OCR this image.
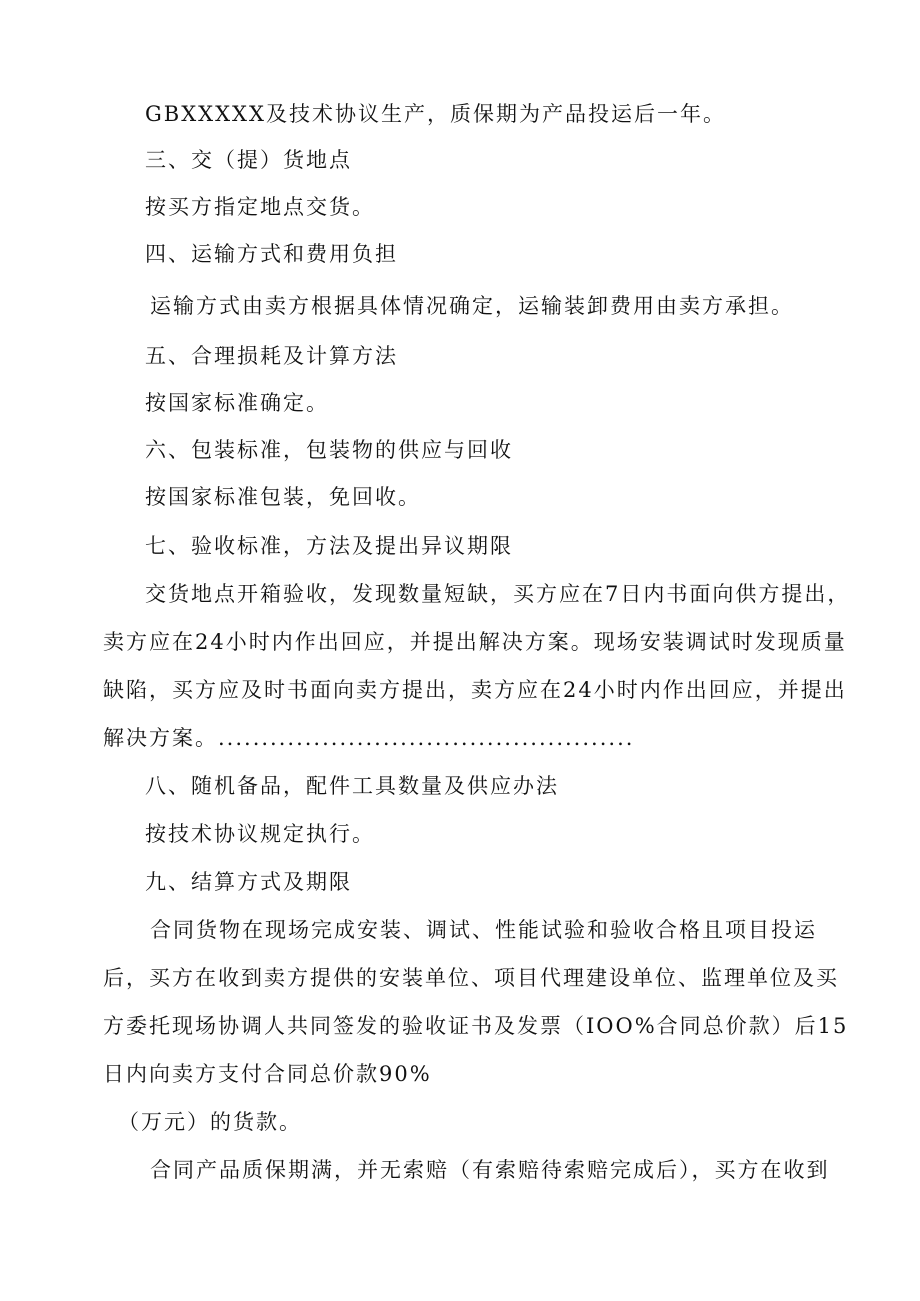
GBXXXXX及技术协议生产，质保期为产品投运后一年。
三、交（提）货地点
按买方指定地点交货。
四、运输方式和费用负担
运输方式由卖方根据具体情况确定，运输装卸费用由卖方承担。
五、合理损耗及计算方法
按国家标准确定。
六、包装标准，包装物的供应与回收
按国家标准包装，免回收。
七、验收标准，方法及提出异议期限
交货地点开箱验收，发现数量短缺，买方应在7日内书面向供方提出，
卖方应在24小时内作出回应，并提出解决方案。现场安装调试时发现质量
缺陷，买方应及时书面向卖方提出，卖方应在24小时内作出回应，并提出
解决方案。................................................
八、随机备品，配件工具数量及供应办法
按技术协议规定执行。
九、结算方式及期限
合同货物在现场完成安装、调试、性能试验和验收合格且项目投运
后，买方在收到卖方提供的安装单位、项目代理建设单位、监理单位及买
方委托现场协调人共同签发的验收证书及发票（IOO%合同总价款）后15
日内向卖方支付合同总价款90%
（万元）的货款。
合同产品质保期满，并无索赔（有索赔待索赔完成后），买方在收到
